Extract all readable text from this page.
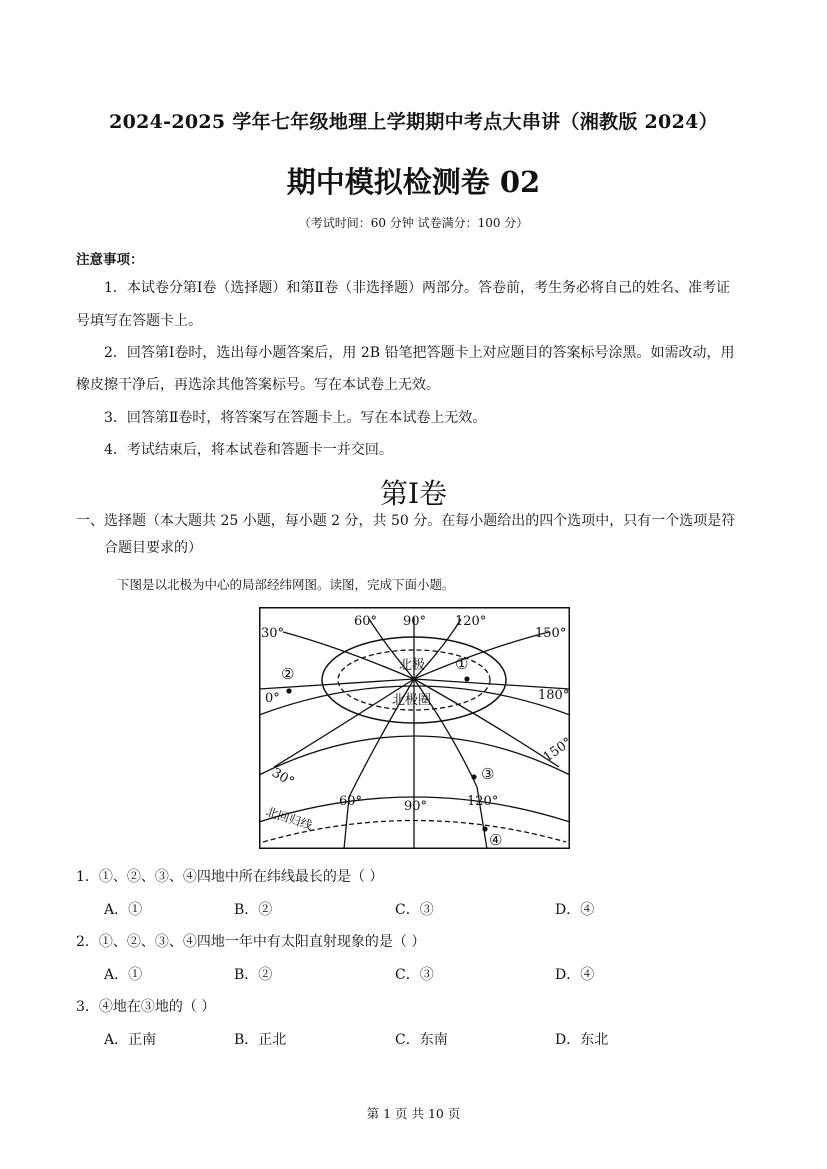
2024-2025 学年七年级地理上学期期中考点大串讲（湘教版 2024）
期中模拟检测卷 02
（考试时间：60 分钟 试卷满分：100 分）
注意事项：
1．本试卷分第Ⅰ卷（选择题）和第Ⅱ卷（非选择题）两部分。答卷前，考生务必将自己的姓名、准考证
号填写在答题卡上。
2．回答第Ⅰ卷时，选出每小题答案后，用 2B 铅笔把答题卡上对应题目的答案标号涂黑。如需改动，用
橡皮擦干净后，再选涂其他答案标号。写在本试卷上无效。
3．回答第Ⅱ卷时，将答案写在答题卡上。写在本试卷上无效。
4．考试结束后，将本试卷和答题卡一并交回。
第Ⅰ卷
一、选择题（本大题共 25 小题，每小题 2 分，共 50 分。在每小题给出的四个选项中，只有一个选项是符
合题目要求的）
下图是以北极为中心的局部经纬网图。读图，完成下面小题。
30°
60° 90° 120°
150°
0°	180°
30°
60°	90°	120°
150°
北极
北极圈
北回归线
①
②
③
④
1．①、②、③、④四地中所在纬线最长的是（ ）
A．①	B．②	C．③	D．④
2．①、②、③、④四地一年中有太阳直射现象的是（ ）
A．①	B．②	C．③	D．④
3．④地在③地的（ ）
A．正南	B．正北	C．东南	D．东北
第 1 页 共 10 页
